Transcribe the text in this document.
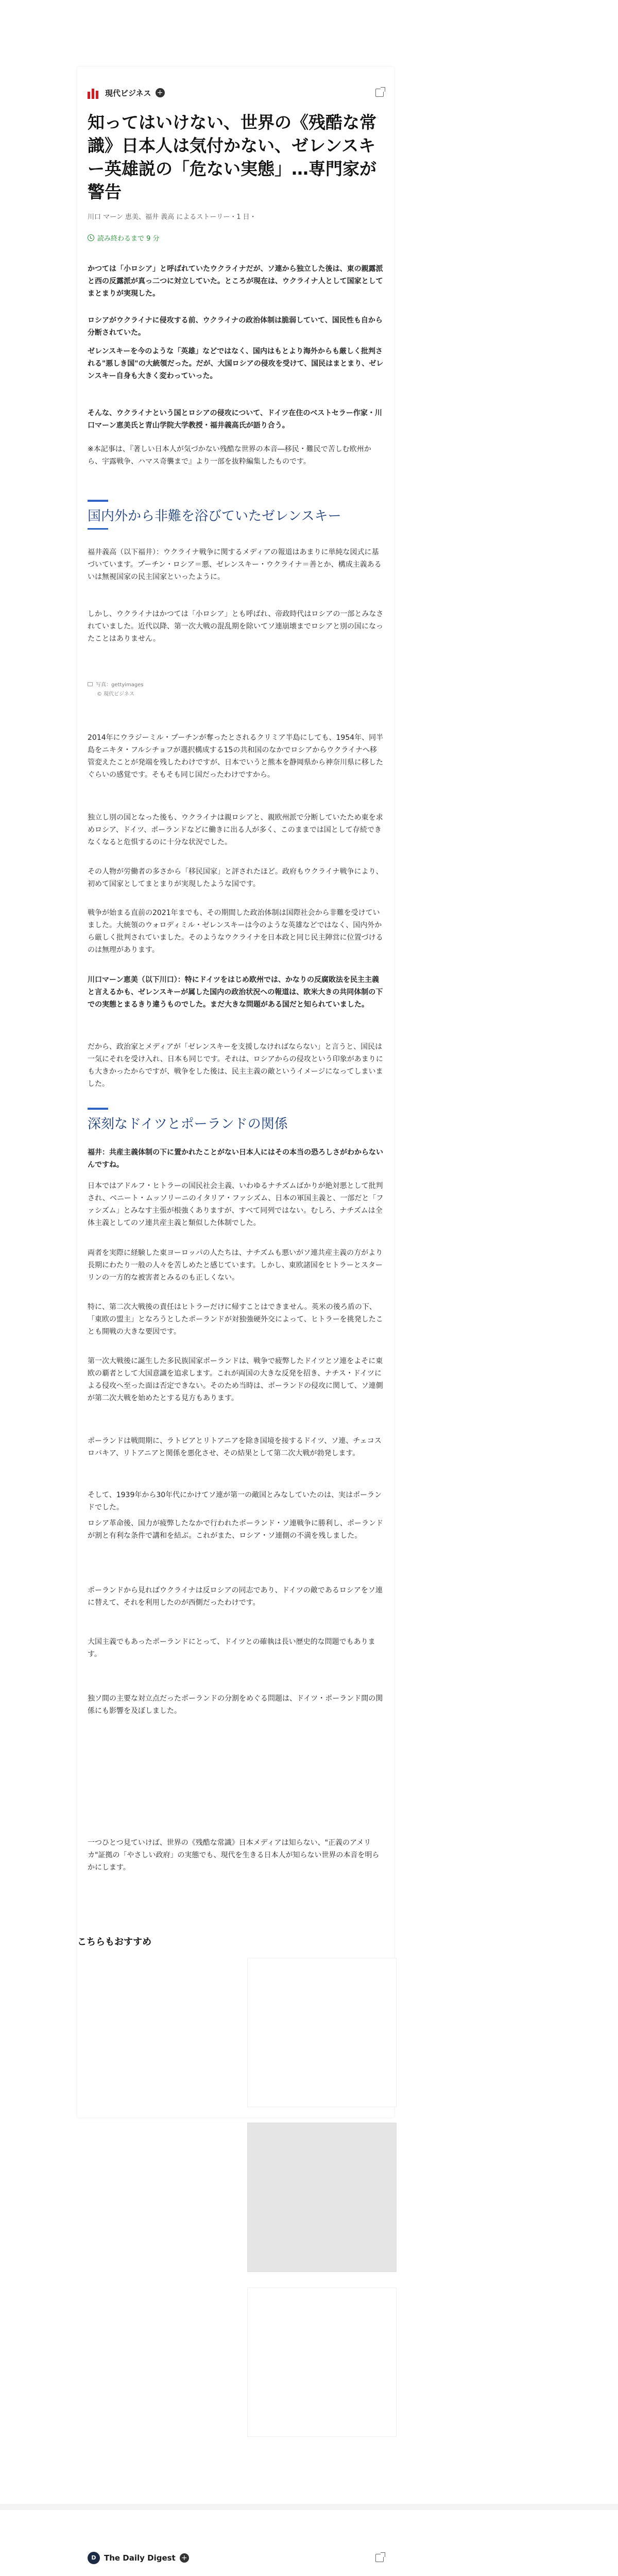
現代ビジネス +
知ってはいけない、世界の《残酷な常識》日本人は気付かない、ゼレンスキー英雄説の「危ない実態」…専門家が警告
川口 マーン 恵美、福井 義高 によるストーリー・1 日・
読み終わるまで 9 分

かつては「小ロシア」と呼ばれていたウクライナだが、ソ連から独立した後は、東の親露派と西の反露派が真っ二つに対立していた。ところが現在は、ウクライナ人として国家としてまとまりが実現した。

ロシアがウクライナに侵攻する前、ウクライナの政治体制は脆弱していて、国民性も自から分断されていた。

ゼレンスキーを今のような「英雄」などではなく、国内はもとより海外からも厳しく批判される"悪しき国"の大統領だった。だが、大国ロシアの侵攻を受けて、国民はまとまり、ゼレンスキー自身も大きく変わっていった。

そんな、ウクライナという国とロシアの侵攻について、ドイツ在住のベストセラー作家・川口マーン恵美氏と青山学院大学教授・福井義高氏が語り合う。

※本記事は、『著しい日本人が気づかない残酷な世界の本音―移民・難民で苦しむ欧州から、宇露戦争、ハマス奇襲まで』より一部を抜粋編集したものです。

国内外から非難を浴びていたゼレンスキー

福井義高（以下福井）：ウクライナ戦争に関するメディアの報道はあまりに単純な図式に基づいています。プーチン・ロシア＝悪、ゼレンスキー・ウクライナ＝善とか、構成主義あるいは無視国家の民主国家といったように。

しかし、ウクライナはかつては「小ロシア」とも呼ばれ、帝政時代はロシアの一部とみなされていました。近代以降、第一次大戦の混乱期を除いてソ連崩壊までロシアと別の国になったことはありません。

写真：gettyimages
© 現代ビジネス

2014年にウラジーミル・プーチンが奪ったとされるクリミア半島にしても、1954年、同半島をニキタ・フルシチョフが選択構成する15の共和国のなかでロシアからウクライナへ移管変えたことが発端を残したわけですが、日本でいうと熊本を静岡県から神奈川県に移したぐらいの感覚です。そもそも同じ国だったわけですから。

独立し別の国となった後も、ウクライナは親ロシアと、親欧州派で分断していたため東を求めロシア、ドイツ、ポーランドなどに働きに出る人が多く、このままでは国として存続できなくなると危惧するのに十分な状況でした。

その人物が労働者の多さから「移民国家」と評されたほど。政府もウクライナ戦争により、初めて国家としてまとまりが実現したような国です。

戦争が始まる直前の2021年までも、その期間した政治体制は国際社会から非難を受けていました。大統領のウォロディミル・ゼレンスキーは今のような英雄などではなく、国内外から厳しく批判されていました。そのようなウクライナを日本政と同じ民主陣営に位置づけるのは無理があります。

川口マーン恵美（以下川口）：特にドイツをはじめ欧州では、かなりの反腐敗法を民主主義と言えるかも、ゼレンスキーが属した国内の政治状況への報道は、欧米大きの共同体制の下での実態とまるきり違うものでした。まだ大きな問題がある国だと知られていました。

だから、政治家とメディアが「ゼレンスキーを支援しなければならない」と言うと、国民は一気にそれを受け入れ、日本も同じです。それは、ロシアからの侵攻という印象があまりにも大きかったからですが、戦争をした後は、民主主義の敵というイメージになってしまいました。

深刻なドイツとポーランドの関係

福井：共産主義体制の下に置かれたことがない日本人にはその本当の恐ろしさがわからないんですね。

日本ではアドルフ・ヒトラーの国民社会主義、いわゆるナチズムばかりが絶対悪として批判され、ベニート・ムッソリーニのイタリア・ファシズム、日本の軍国主義と、一部だと「ファシズム」とみなす主張が根強くありますが、すべて同列ではない。むしろ、ナチズムは全体主義としてのソ連共産主義と類似した体制でした。

両者を実際に経験した東ヨーロッパの人たちは、ナチズムも悪いがソ連共産主義の方がより長期にわたり一般の人々を苦しめたと感じています。しかし、東欧諸国をヒトラーとスターリンの一方的な被害者とみるのも正しくない。

特に、第二次大戦後の責任はヒトラーだけに帰すことはできません。英米の後ろ盾の下、「東欧の盟主」となろうとしたポーランドが対独強硬外交によって、ヒトラーを挑発したことも開戦の大きな要因です。

第一次大戦後に誕生した多民族国家ポーランドは、戦争で疲弊したドイツとソ連をよそに東欧の覇者として大国意識を追求します。これが両国の大きな反発を招き、ナチス・ドイツによる侵攻へ至った面は否定できない。そのため当時は、ポーランドの侵攻に関して、ソ連側が第二次大戦を始めたとする見方もあります。

ポーランドは戦間期に、ラトビアとリトアニアを除き国境を接するドイツ、ソ連、チェコスロバキア、リトアニアと関係を悪化させ、その結果として第二次大戦が勃発します。

そして、1939年から30年代にかけてソ連が第一の敵国とみなしていたのは、実はポーランドでした。

ロシア革命後、国力が疲弊したなかで行われたポーランド・ソ連戦争に勝利し、ポーランドが割と有利な条件で講和を結ぶ。これがまた、ロシア・ソ連側の不満を残しました。

ポーランドから見ればウクライナは反ロシアの同志であり、ドイツの敵であるロシアをソ連に替えて、それを利用したのが西側だったわけです。

大国主義でもあったポーランドにとって、ドイツとの確執は長い歴史的な問題でもあります。

独ソ間の主要な対立点だったポーランドの分割をめぐる問題は、ドイツ・ポーランド間の関係にも影響を及ぼしました。

一つひとつ見ていけば、世界の《残酷な常識》日本メディアは知らない、"正義のアメリカ"証拠の「やさしい政府」の実態でも、現代を生きる日本人が知らない世界の本音を明らかにします。

こちらもおすすめ
D	The Daily Digest +
